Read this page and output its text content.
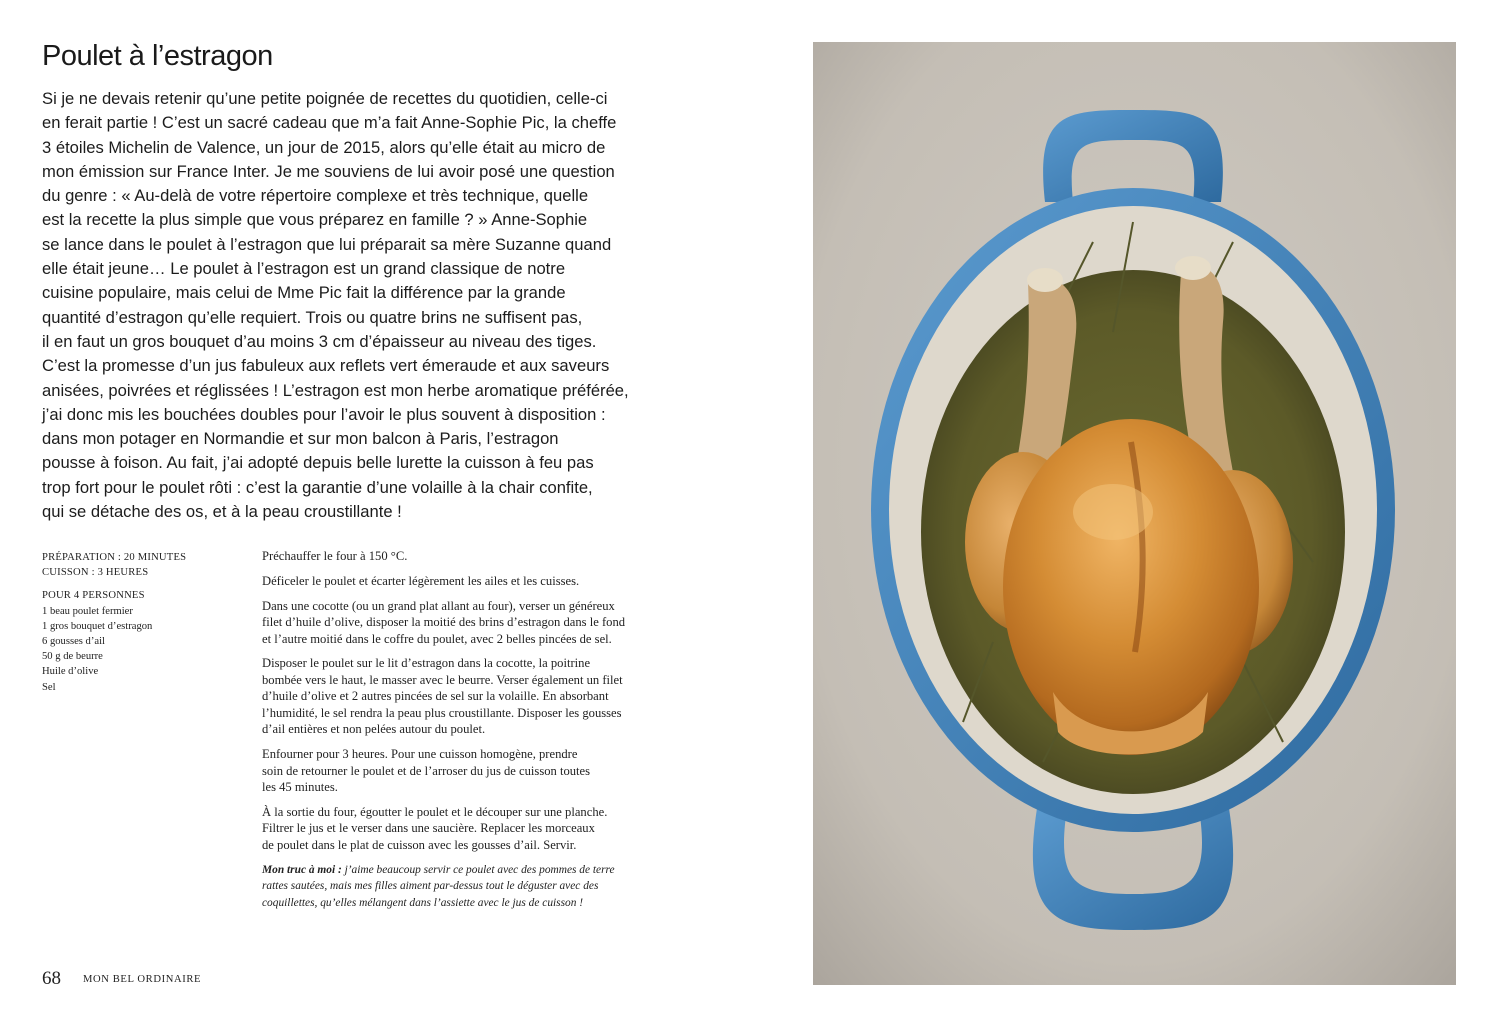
Poulet à l’estragon
Si je ne devais retenir qu’une petite poignée de recettes du quotidien, celle-ci
en ferait partie ! C’est un sacré cadeau que m’a fait Anne-Sophie Pic, la cheffe
3 étoiles Michelin de Valence, un jour de 2015, alors qu’elle était au micro de
mon émission sur France Inter. Je me souviens de lui avoir posé une question
du genre : « Au-delà de votre répertoire complexe et très technique, quelle
est la recette la plus simple que vous préparez en famille ? » Anne-Sophie
se lance dans le poulet à l’estragon que lui préparait sa mère Suzanne quand
elle était jeune… Le poulet à l’estragon est un grand classique de notre
cuisine populaire, mais celui de Mme Pic fait la différence par la grande
quantité d’estragon qu’elle requiert. Trois ou quatre brins ne suffisent pas,
il en faut un gros bouquet d’au moins 3 cm d’épaisseur au niveau des tiges.
C’est la promesse d’un jus fabuleux aux reflets vert émeraude et aux saveurs
anisées, poivrées et réglissées ! L’estragon est mon herbe aromatique préférée,
j’ai donc mis les bouchées doubles pour l’avoir le plus souvent à disposition :
dans mon potager en Normandie et sur mon balcon à Paris, l’estragon
pousse à foison. Au fait, j’ai adopté depuis belle lurette la cuisson à feu pas
trop fort pour le poulet rôti : c’est la garantie d’une volaille à la chair confite,
qui se détache des os, et à la peau croustillante !
PRÉPARATION : 20 MINUTES
CUISSON : 3 HEURES
POUR 4 PERSONNES
1 beau poulet fermier
1 gros bouquet d’estragon
6 gousses d’ail
50 g de beurre
Huile d’olive
Sel
Préchauffer le four à 150 °C.
Déficeler le poulet et écarter légèrement les ailes et les cuisses.
Dans une cocotte (ou un grand plat allant au four), verser un généreux
filet d’huile d’olive, disposer la moitié des brins d’estragon dans le fond
et l’autre moitié dans le coffre du poulet, avec 2 belles pincées de sel.
Disposer le poulet sur le lit d’estragon dans la cocotte, la poitrine
bombée vers le haut, le masser avec le beurre. Verser également un filet
d’huile d’olive et 2 autres pincées de sel sur la volaille. En absorbant
l’humidité, le sel rendra la peau plus croustillante. Disposer les gousses
d’ail entières et non pelées autour du poulet.
Enfourner pour 3 heures. Pour une cuisson homogène, prendre
soin de retourner le poulet et de l’arroser du jus de cuisson toutes
les 45 minutes.
À la sortie du four, égoutter le poulet et le découper sur une planche.
Filtrer le jus et le verser dans une saucière. Replacer les morceaux
de poulet dans le plat de cuisson avec les gousses d’ail. Servir.
Mon truc à moi : j’aime beaucoup servir ce poulet avec des pommes de terre
rattes sautées, mais mes filles aiment par-dessus tout le déguster avec des
coquillettes, qu’elles mélangent dans l’assiette avec le jus de cuisson !
68 MON BEL ORDINAIRE
